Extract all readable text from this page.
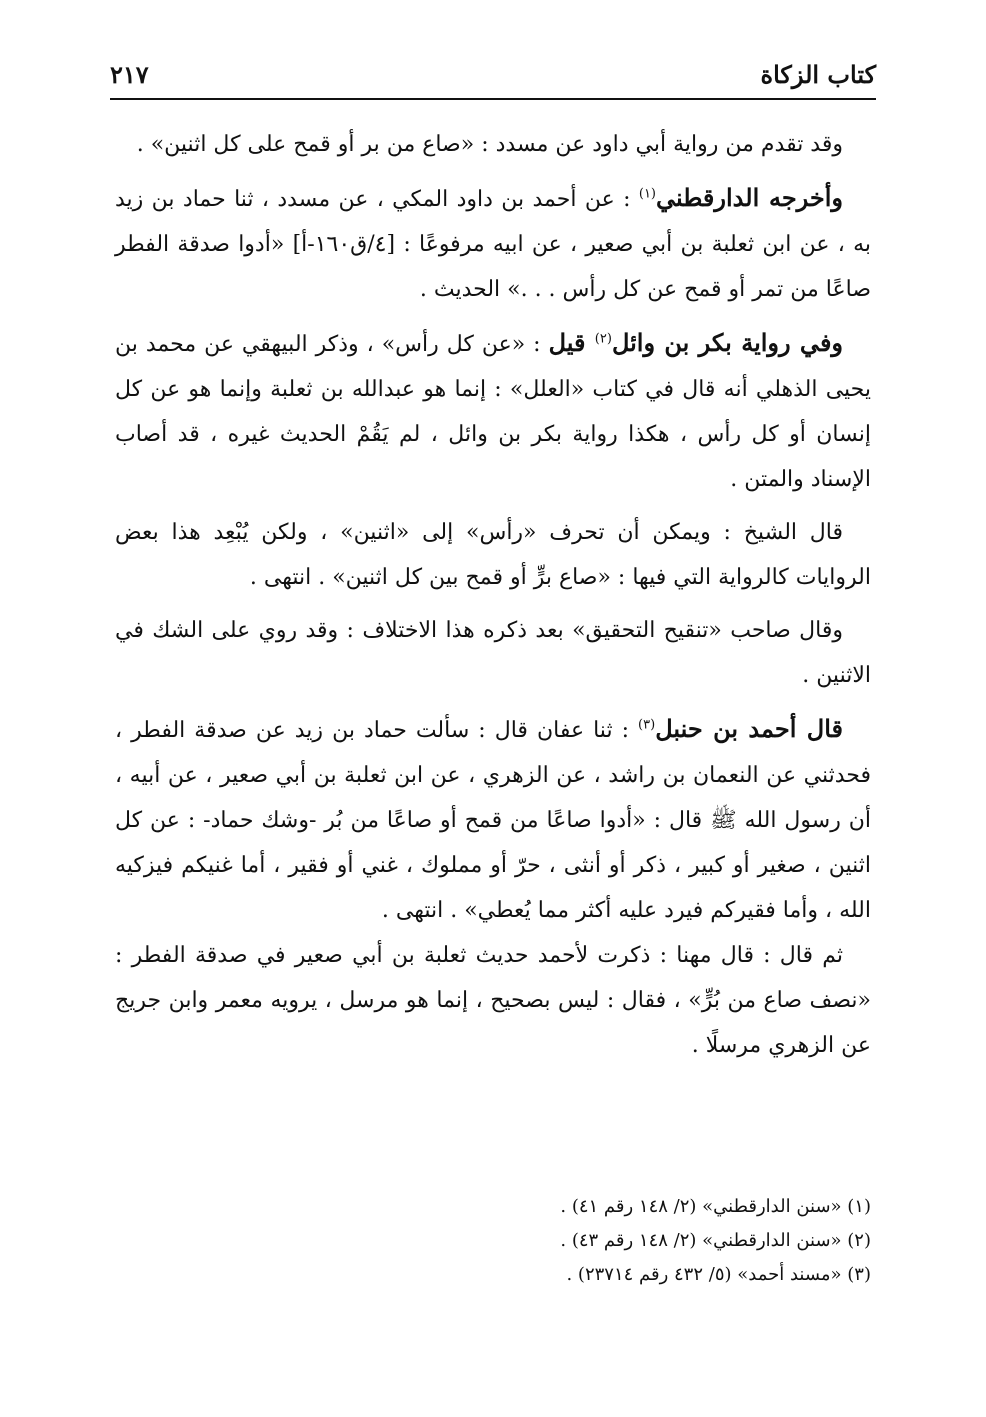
كتاب الزكاة
٢١٧

وقد تقدم من رواية أبي داود عن مسدد : «صاع من بر أو قمح على كل اثنين» .

وأخرجه الدارقطني$^{(١)}$ : عن أحمد بن داود المكي ، عن مسدد ، ثنا حماد بن زيد به ، عن ابن ثعلبة بن أبي صعير ، عن ابيه مرفوعًا : [٤/ق١٦٠-أ] «أدوا صدقة الفطر صاعًا من تمر أو قمح عن كل رأس . . .» الحديث .

وفي رواية بكر بن وائل$^{(٢)}$ قيل : «عن كل رأس» ، وذكر البيهقي عن محمد بن يحيى الذهلي أنه قال في كتاب «العلل» : إنما هو عبدالله بن ثعلبة وإنما هو عن كل إنسان أو كل رأس ، هكذا رواية بكر بن وائل ، لم يَقُمْ الحديث غيره ، قد أصاب الإسناد والمتن .

قال الشيخ : ويمكن أن تحرف «رأس» إلى «اثنين» ، ولكن يُبْعِد هذا بعض الروايات كالرواية التي فيها : «صاع برٍّ أو قمح بين كل اثنين» . انتهى .

وقال صاحب «تنقيح التحقيق» بعد ذكره هذا الاختلاف : وقد روي على الشك في الاثنين .

قال أحمد بن حنبل$^{(٣)}$ : ثنا عفان قال : سألت حماد بن زيد عن صدقة الفطر ، فحدثني عن النعمان بن راشد ، عن الزهري ، عن ابن ثعلبة بن أبي صعير ، عن أبيه ، أن رسول الله ﷺ قال : «أدوا صاعًا من قمح أو صاعًا من بُر -وشك حماد- : عن كل اثنين ، صغير أو كبير ، ذكر أو أنثى ، حرّ أو مملوك ، غني أو فقير ، أما غنيكم فيزكيه الله ، وأما فقيركم فيرد عليه أكثر مما يُعطي» . انتهى .

ثم قال : قال مهنا : ذكرت لأحمد حديث ثعلبة بن أبي صعير في صدقة الفطر : «نصف صاع من بُرٍّ» ، فقال : ليس بصحيح ، إنما هو مرسل ، يرويه معمر وابن جريج عن الزهري مرسلًا .

(١) «سنن الدارقطني» (٢/ ١٤٨ رقم ٤١) .

(٢) «سنن الدارقطني» (٢/ ١٤٨ رقم ٤٣) .

(٣) «مسند أحمد» (٥/ ٤٣٢ رقم ٢٣٧١٤) .
